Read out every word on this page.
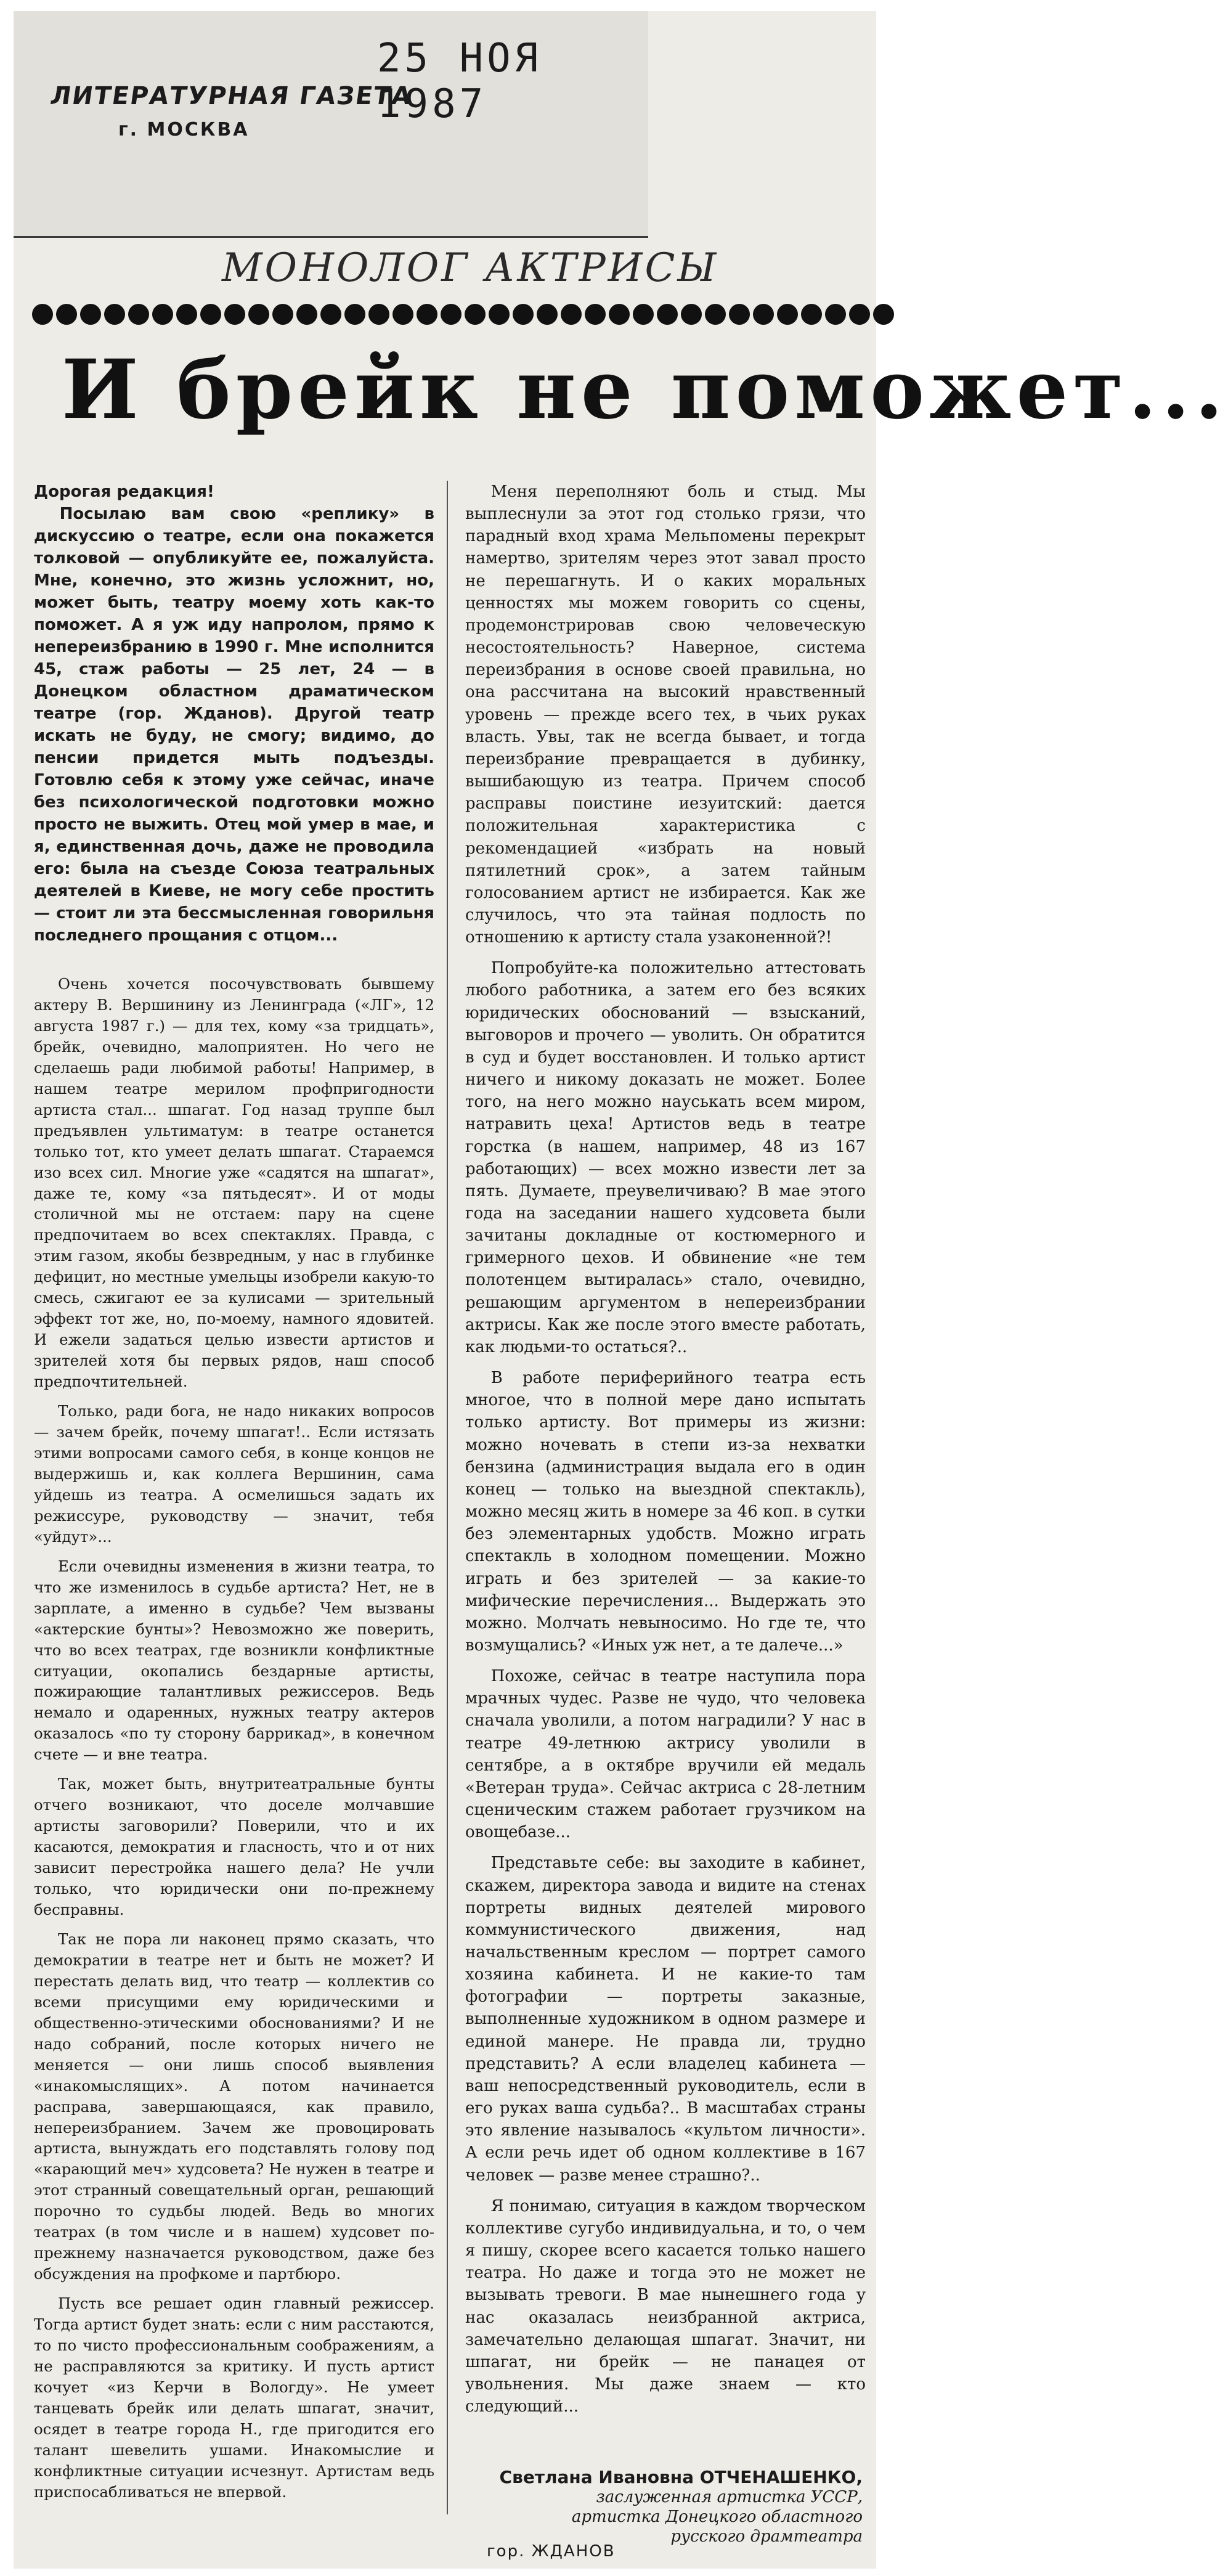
ЛИТЕРАТУРНАЯ ГАЗЕТА
г. МОСКВА
25 НОЯ 1987
МОНОЛОГ АКТРИСЫ
И брейк не поможет...

Дорогая редакция!

Посылаю вам свою «реплику» в дискуссию о театре, если она покажется толковой — опубликуйте ее, пожалуйста. Мне, конечно, это жизнь усложнит, но, может быть, театру моему хоть как-то поможет. А я уж иду напролом, прямо к непереизбранию в 1990 г. Мне исполнится 45, стаж работы — 25 лет, 24 — в Донецком областном драматическом театре (гор. Жданов). Другой театр искать не буду, не смогу; видимо, до пенсии придется мыть подъезды. Готовлю себя к этому уже сейчас, иначе без психологической подготовки можно просто не выжить. Отец мой умер в мае, и я, единственная дочь, даже не проводила его: была на съезде Союза театральных деятелей в Киеве, не могу себе простить — стоит ли эта бессмысленная говорильня последнего прощания с отцом...

Очень хочется посочувствовать бывшему актеру В. Вершинину из Ленинграда («ЛГ», 12 августа 1987 г.) — для тех, кому «за тридцать», брейк, очевидно, малоприятен. Но чего не сделаешь ради любимой работы! Например, в нашем театре мерилом профпригодности артиста стал... шпагат. Год назад труппе был предъявлен ультиматум: в театре останется только тот, кто умеет делать шпагат. Стараемся изо всех сил. Многие уже «садятся на шпагат», даже те, кому «за пятьдесят». И от моды столичной мы не отстаем: пару на сцене предпочитаем во всех спектаклях. Правда, с этим газом, якобы безвредным, у нас в глубинке дефицит, но местные умельцы изобрели какую-то смесь, сжигают ее за кулисами — зрительный эффект тот же, но, по-моему, намного ядовитей. И ежели задаться целью извести артистов и зрителей хотя бы первых рядов, наш способ предпочтительней.

Только, ради бога, не надо никаких вопросов — зачем брейк, почему шпагат!.. Если истязать этими вопросами самого себя, в конце концов не выдержишь и, как коллега Вершинин, сама уйдешь из театра. А осмелишься задать их режиссуре, руководству — значит, тебя «уйдут»...

Если очевидны изменения в жизни театра, то что же изменилось в судьбе артиста? Нет, не в зарплате, а именно в судьбе? Чем вызваны «актерские бунты»? Невозможно же поверить, что во всех театрах, где возникли конфликтные ситуации, окопались бездарные артисты, пожирающие талантливых режиссеров. Ведь немало и одаренных, нужных театру актеров оказалось «по ту сторону баррикад», в конечном счете — и вне театра.

Так, может быть, внутритеатральные бунты отчего возникают, что доселе молчавшие артисты заговорили? Поверили, что и их касаются, демократия и гласность, что и от них зависит перестройка нашего дела? Не учли только, что юридически они по-прежнему бесправны.

Так не пора ли наконец прямо сказать, что демократии в театре нет и быть не может? И перестать делать вид, что театр — коллектив со всеми присущими ему юридическими и общественно-этическими обоснованиями? И не надо собраний, после которых ничего не меняется — они лишь способ выявления «инакомыслящих». А потом начинается расправа, завершающаяся, как правило, непереизбранием. Зачем же провоцировать артиста, вынуждать его подставлять голову под «карающий меч» худсовета? Не нужен в театре и этот странный совещательный орган, решающий порочно то судьбы людей. Ведь во многих театрах (в том числе и в нашем) худсовет по-прежнему назначается руководством, даже без обсуждения на профкоме и партбюро.

Пусть все решает один главный режиссер. Тогда артист будет знать: если с ним расстаются, то по чисто профессиональным соображениям, а не расправляются за критику. И пусть артист кочует «из Керчи в Вологду». Не умеет танцевать брейк или делать шпагат, значит, осядет в театре города Н., где пригодится его талант шевелить ушами. Инакомыслие и конфликтные ситуации исчезнут. Артистам ведь приспосабливаться не впервой.

Меня переполняют боль и стыд. Мы выплеснули за этот год столько грязи, что парадный вход храма Мельпомены перекрыт намертво, зрителям через этот завал просто не перешагнуть. И о каких моральных ценностях мы можем говорить со сцены, продемонстрировав свою человеческую несостоятельность? Наверное, система переизбрания в основе своей правильна, но она рассчитана на высокий нравственный уровень — прежде всего тех, в чьих руках власть. Увы, так не всегда бывает, и тогда переизбрание превращается в дубинку, вышибающую из театра. Причем способ расправы поистине иезуитский: дается положительная характеристика с рекомендацией «избрать на новый пятилетний срок», а затем тайным голосованием артист не избирается. Как же случилось, что эта тайная подлость по отношению к артисту стала узаконенной?!

Попробуйте-ка положительно аттестовать любого работника, а затем его без всяких юридических обоснований — взысканий, выговоров и прочего — уволить. Он обратится в суд и будет восстановлен. И только артист ничего и никому доказать не может. Более того, на него можно науськать всем миром, натравить цеха! Артистов ведь в театре горстка (в нашем, например, 48 из 167 работающих) — всех можно извести лет за пять. Думаете, преувеличиваю? В мае этого года на заседании нашего худсовета были зачитаны докладные от костюмерного и гримерного цехов. И обвинение «не тем полотенцем вытиралась» стало, очевидно, решающим аргументом в непереизбрании актрисы. Как же после этого вместе работать, как людьми-то остаться?..

В работе периферийного театра есть многое, что в полной мере дано испытать только артисту. Вот примеры из жизни: можно ночевать в степи из-за нехватки бензина (администрация выдала его в один конец — только на выездной спектакль), можно месяц жить в номере за 46 коп. в сутки без элементарных удобств. Можно играть спектакль в холодном помещении. Можно играть и без зрителей — за какие-то мифические перечисления... Выдержать это можно. Молчать невыносимо. Но где те, что возмущались? «Иных уж нет, а те далече...»

Похоже, сейчас в театре наступила пора мрачных чудес. Разве не чудо, что человека сначала уволили, а потом наградили? У нас в театре 49-летнюю актрису уволили в сентябре, а в октябре вручили ей медаль «Ветеран труда». Сейчас актриса с 28-летним сценическим стажем работает грузчиком на овощебазе...

Представьте себе: вы заходите в кабинет, скажем, директора завода и видите на стенах портреты видных деятелей мирового коммунистического движения, над начальственным креслом — портрет самого хозяина кабинета. И не какие-то там фотографии — портреты заказные, выполненные художником в одном размере и единой манере. Не правда ли, трудно представить? А если владелец кабинета — ваш непосредственный руководитель, если в его руках ваша судьба?.. В масштабах страны это явление называлось «культом личности». А если речь идет об одном коллективе в 167 человек — разве менее страшно?..

Я понимаю, ситуация в каждом творческом коллективе сугубо индивидуальна, и то, о чем я пишу, скорее всего касается только нашего театра. Но даже и тогда это не может не вызывать тревоги. В мае нынешнего года у нас оказалась неизбранной актриса, замечательно делающая шпагат. Значит, ни шпагат, ни брейк — не панацея от увольнения. Мы даже знаем — кто следующий...

Светлана Ивановна ОТЧЕНАШЕНКО,
заслуженная артистка УССР,
артистка Донецкого областного
русского драмтеатра
гор. ЖДАНОВ
